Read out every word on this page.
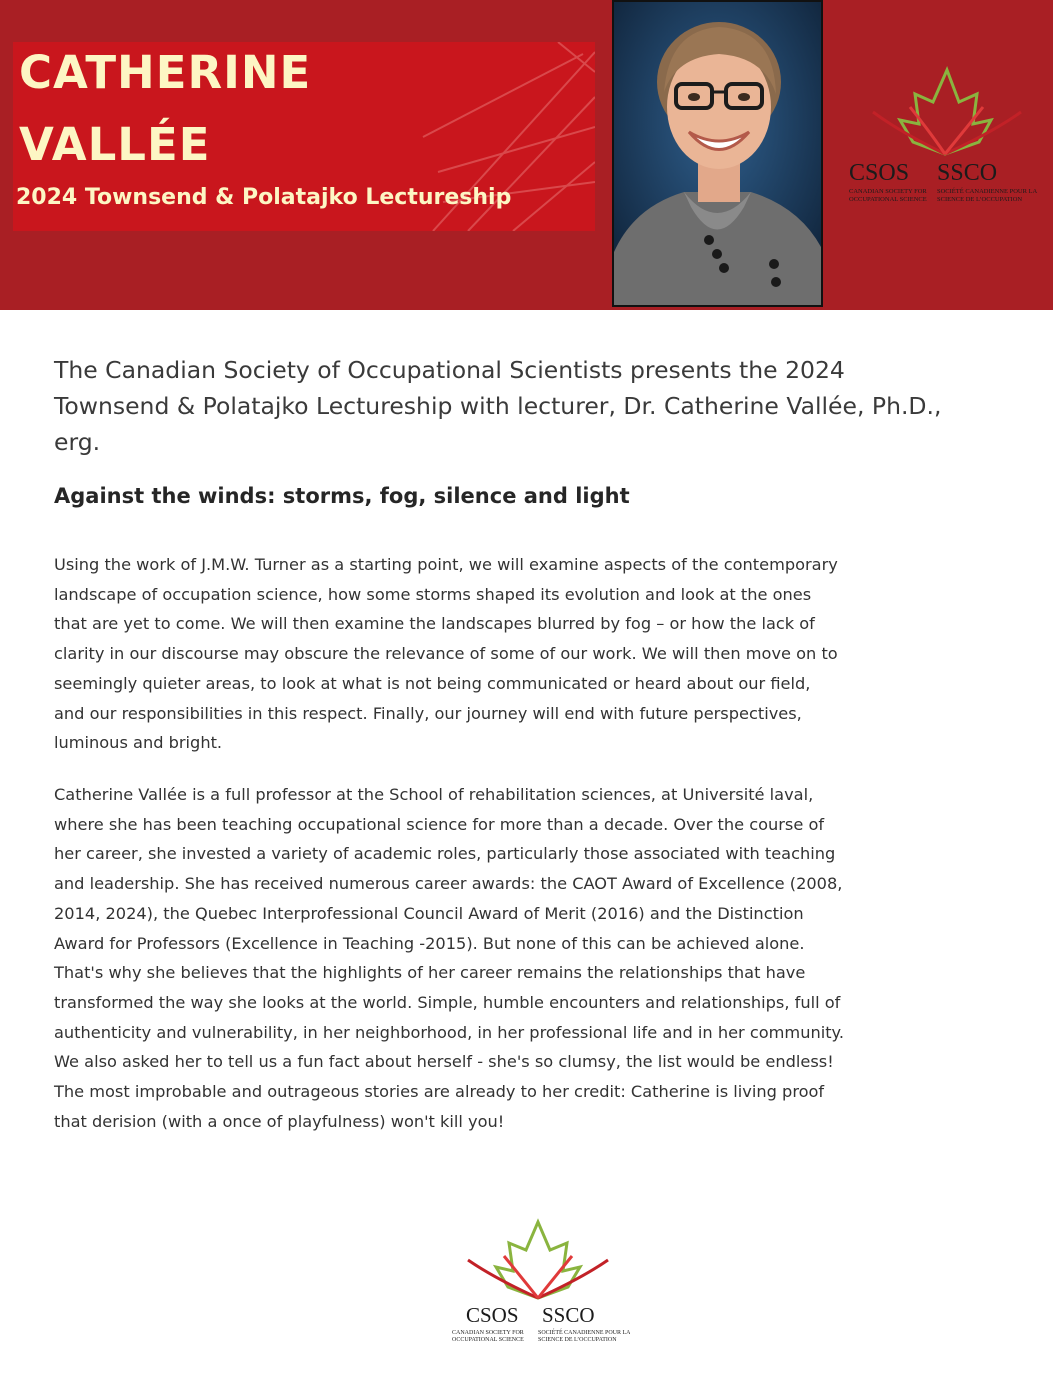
CATHERINE
VALLÉE

2024 Townsend & Polatajko Lectureship

CSOS SSCO
CANADIAN SOCIETY FOR
OCCUPATIONAL SCIENCE
SOCIÉTÉ CANADIENNE POUR LA
SCIENCE DE L’OCCUPATION

The Canadian Society of Occupational Scientists presents the 2024 Townsend & Polatajko Lectureship with lecturer, Dr. Catherine Vallée, Ph.D., erg.

Against the winds: storms, fog, silence and light

Using the work of J.M.W. Turner as a starting point, we will examine aspects of the contemporary landscape of occupation science, how some storms shaped its evolution and look at the ones that are yet to come. We will then examine the landscapes blurred by fog – or how the lack of clarity in our discourse may obscure the relevance of some of our work. We will then move on to seemingly quieter areas, to look at what is not being communicated or heard about our field, and our responsibilities in this respect. Finally, our journey will end with future perspectives, luminous and bright.

Catherine Vallée is a full professor at the School of rehabilitation sciences, at Université laval, where she has been teaching occupational science for more than a decade. Over the course of her career, she invested a variety of academic roles, particularly those associated with teaching and leadership. She has received numerous career awards: the CAOT Award of Excellence (2008, 2014, 2024), the Quebec Interprofessional Council Award of Merit (2016) and the Distinction Award for Professors (Excellence in Teaching -2015). But none of this can be achieved alone. That's why she believes that the highlights of her career remains the relationships that have transformed the way she looks at the world. Simple, humble encounters and relationships, full of authenticity and vulnerability, in her neighborhood, in her professional life and in her community. We also asked her to tell us a fun fact about herself - she's so clumsy, the list would be endless! The most improbable and outrageous stories are already to her credit: Catherine is living proof that derision (with a once of playfulness) won't kill you!

CSOS SSCO
CANADIAN SOCIETY FOR
OCCUPATIONAL SCIENCE
SOCIÉTÉ CANADIENNE POUR LA
SCIENCE DE L’OCCUPATION
